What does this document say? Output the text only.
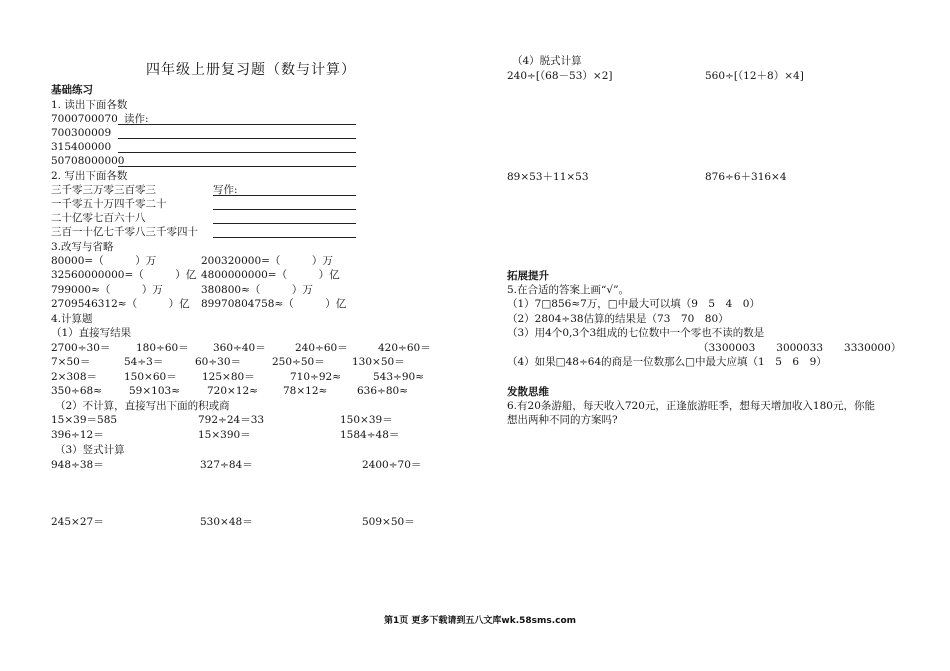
四年级上册复习题（数与计算）
基础练习
1. 读出下面各数
7000700070 读作:
700300009
315400000
50708000000
2. 写出下面各数
三千零三万零三百零三	写作:
一千零五十万四千零二十
二十亿零七百六十八
三百一十亿七千零八三千零四十
3.改写与省略
80000=（　　　）万	200320000=（　　　）万
32560000000=（　　　）亿 4800000000=（　　　）亿
799000≈（　　　）万	380800≈（　　　）万
2709546312≈（　　　）亿 89970804758≈（　　　）亿
4.计算题
（1）直接写结果
2700÷30＝ 180÷60＝ 360÷40＝	240÷60＝	420÷60＝
7×50＝	54÷3＝	60÷30＝	250÷50＝	130×50＝
2×308＝	150×60＝ 125×80＝	710÷92≈	543÷90≈
350÷68≈	59×103≈	720×12≈ 78×12≈	636÷80≈
（2）不计算，直接写出下面的积或商
15×39＝585	792÷24＝33	150×39＝
396÷12＝	15×390＝	1584÷48＝
（3）竖式计算
948÷38＝	327÷84＝	2400÷70＝
245×27＝	530×48＝	509×50＝
（4）脱式计算
240÷[（68－53）×2]	560÷[（12＋8）×4]
89×53＋11×53	876÷6＋316×4
拓展提升
5.在合适的答案上画“√”。
（1）7□856≈7万，□中最大可以填（9　5　4　0）
（2）2804÷38估算的结果是（73　70　80）
（3）用4个0,3个3组成的七位数中一个零也不读的数是
（3300003　　3000033　　3330000）
（4）如果□48÷64的商是一位数那么□中最大应填（1　5　6　9）
发散思维
6.有20条游船，每天收入720元，正逢旅游旺季，想每天增加收入180元，你能
想出两种不同的方案吗?
第1页 更多下载请到五八文库wk.58sms.com
